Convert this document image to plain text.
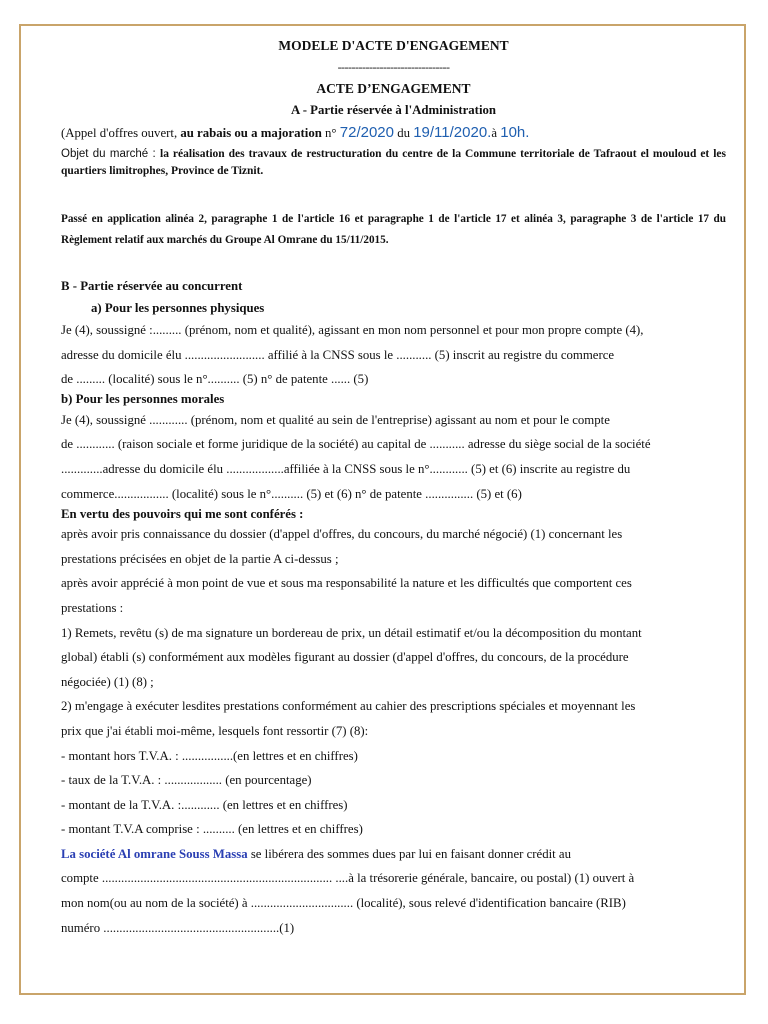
MODELE D'ACTE D'ENGAGEMENT

--------------------------------

ACTE D’ENGAGEMENT

A - Partie réservée à l'Administration

(Appel d'offres ouvert, au rabais ou a majoration n° 72/2020 du 19/11/2020.à 10h.

Objet du marché : la réalisation des travaux de restructuration du centre de la Commune territoriale de Tafraout el mouloud et les quartiers limitrophes, Province de Tiznit.

Passé en application alinéa 2, paragraphe 1 de l'article 16 et paragraphe 1 de l'article 17 et alinéa 3, paragraphe 3 de l'article 17 du Règlement relatif aux marchés du Groupe Al Omrane du 15/11/2015.

B - Partie réservée au concurrent

a) Pour les personnes physiques

Je (4), soussigné :......... (prénom, nom et qualité), agissant en mon nom personnel et pour mon propre compte (4),

adresse du domicile élu ......................... affilié à la CNSS sous le ........... (5) inscrit au registre du commerce

de ......... (localité) sous le n°.......... (5) n° de patente ...... (5)

b) Pour les personnes morales

Je (4), soussigné ............ (prénom, nom et qualité au sein de l'entreprise) agissant au nom et pour le compte

de ............ (raison sociale et forme juridique de la société) au capital de ........... adresse du siège social de la société

.............adresse du domicile élu ..................affiliée à la CNSS sous le n°............ (5) et (6) inscrite au registre du

commerce................. (localité) sous le n°.......... (5) et (6) n° de patente ............... (5) et (6)

En vertu des pouvoirs qui me sont conférés :

après avoir pris connaissance du dossier (d'appel d'offres, du concours, du marché négocié) (1) concernant les

prestations précisées en objet de la partie A ci-dessus ;

après avoir apprécié à mon point de vue et sous ma responsabilité la nature et les difficultés que comportent ces

prestations :

1) Remets, revêtu (s) de ma signature un bordereau de prix, un détail estimatif et/ou la décomposition du montant

global) établi (s) conformément aux modèles figurant au dossier (d'appel d'offres, du concours, de la procédure

négociée) (1) (8) ;

2) m'engage à exécuter lesdites prestations conformément au cahier des prescriptions spéciales et moyennant les

prix que j'ai établi moi-même, lesquels font ressortir (7) (8):

- montant hors T.V.A. : ................(en lettres et en chiffres)

- taux de la T.V.A. : .................. (en pourcentage)

- montant de la T.V.A. :............ (en lettres et en chiffres)

- montant T.V.A comprise : .......... (en lettres et en chiffres)

La société Al omrane Souss Massa se libérera des sommes dues par lui en faisant donner crédit au

compte ........................................................................ ....à la trésorerie générale, bancaire, ou postal) (1) ouvert à

mon nom(ou au nom de la société) à ................................ (localité), sous relevé d'identification bancaire (RIB)

numéro .......................................................(1)
